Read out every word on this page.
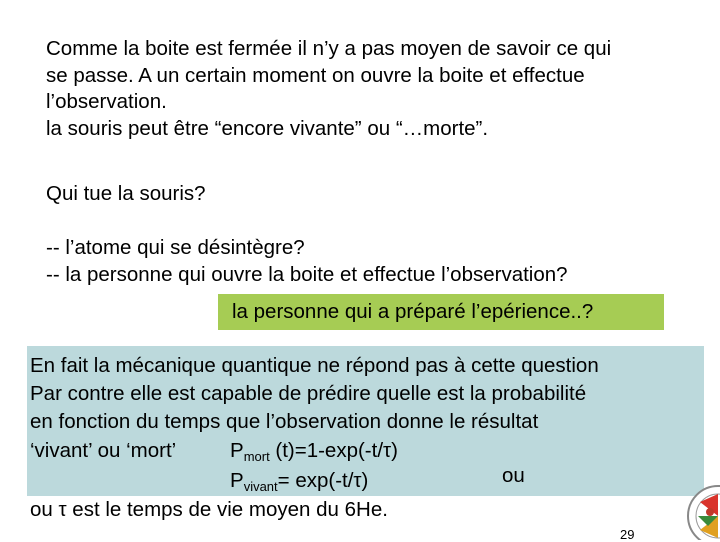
Comme la boite est fermée il n’y a pas moyen de savoir ce qui
se passe. A un certain moment on ouvre la boite et effectue
l’observation.
la souris peut être “encore vivante” ou “…morte”.
Qui tue la souris?
-- l’atome qui se désintègre?
-- la personne qui ouvre la boite et effectue l’observation?
la personne qui a préparé l’epérience..?
En fait la mécanique quantique ne répond pas à cette question
Par contre elle est capable de prédire quelle est la probabilité
en fonction du temps que l’observation donne le résultat
‘vivant’ ou ‘mort’	$P_{mort}$ (t)=1-exp(-t/τ)
ou
$P_{vivant}= \exp(-t/\tau)$
ou τ est le temps de vie moyen du 6He.
29
